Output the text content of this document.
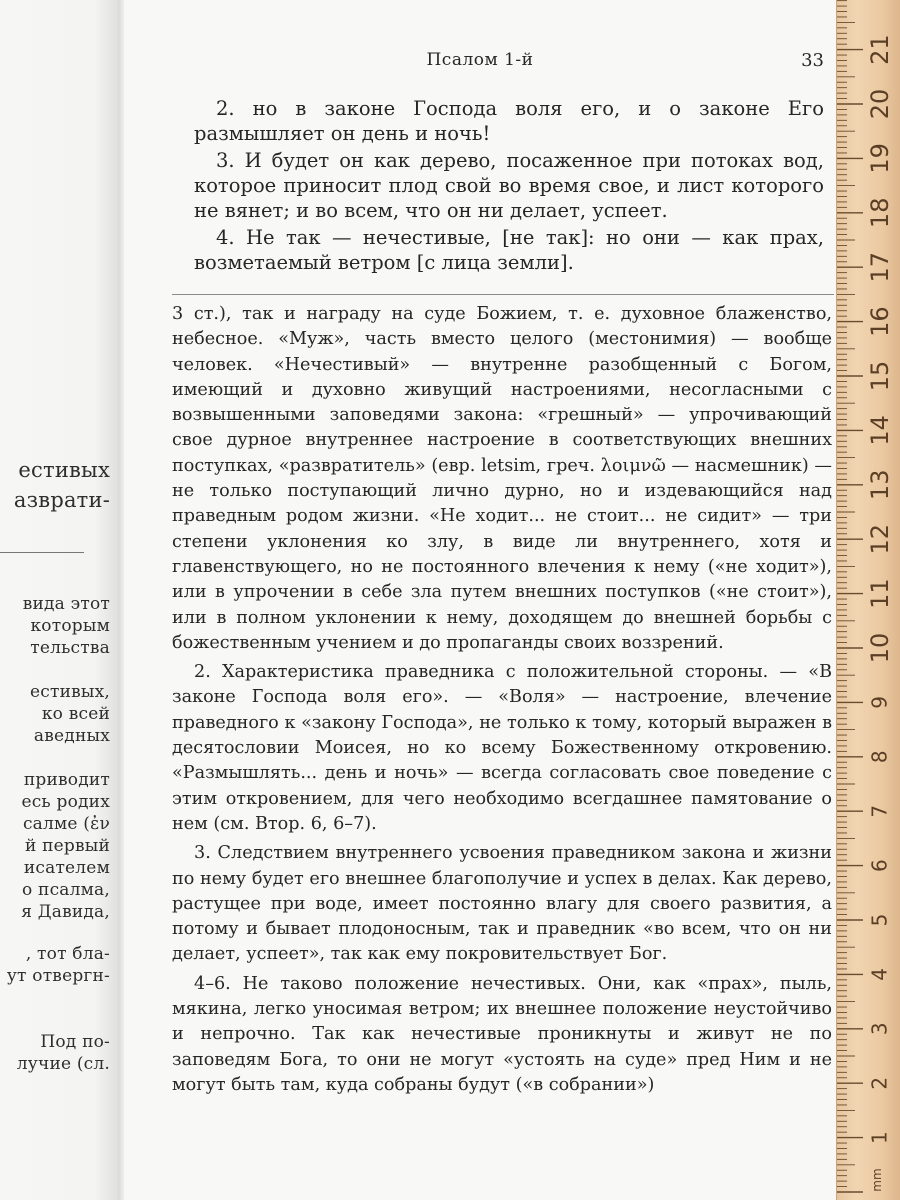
естивых
азврати-
вида этот
которым
тельства
естивых,
ко всей
аведных
приводит
есь родих
салме (ἐν
й первый
исателем
о псалма,
я Давида,
, тот бла-
ут отвергн-
Под по-
лучие (сл.
Псалом 1-й	33

2. но в законе Господа воля его, и о законе Его размышляет он день и ночь!

3. И будет он как дерево, посаженное при потоках вод, которое приносит плод свой во время свое, и лист которого не вянет; и во всем, что он ни делает, успеет.

4. Не так — нечестивые, [не так]: но они — как прах, возметаемый ветром [с лица земли].

3 ст.), так и награду на суде Божием, т. е. духовное блаженство, небесное. «Муж», часть вместо целого (местонимия) — вообще человек. «Нечестивый» — внутренне разобщенный с Богом, имеющий и духовно живущий настроениями, несогласными с возвышенными заповедями закона: «грешный» — упрочивающий свое дурное внутреннее настроение в соответствующих внешних поступках, «развратитель» (евр. letsim, греч. λοιμνῶ — насмешник) — не только поступающий лично дурно, но и издевающийся над праведным родом жизни. «Не ходит... не стоит... не сидит» — три степени уклонения ко злу, в виде ли внутреннего, хотя и главенствующего, но не постоянного влечения к нему («не ходит»), или в упрочении в себе зла путем внешних поступков («не стоит»), или в полном уклонении к нему, доходящем до внешней борьбы с божественным учением и до пропаганды своих воззрений.

2. Характеристика праведника с положительной стороны. — «В законе Господа воля его». — «Воля» — настроение, влечение праведного к «закону Господа», не только к тому, который выражен в десятословии Моисея, но ко всему Божественному откровению. «Размышлять... день и ночь» — всегда согласовать свое поведение с этим откровением, для чего необходимо всегдашнее памятование о нем (см. Втор. 6, 6–7).

3. Следствием внутреннего усвоения праведником закона и жизни по нему будет его внешнее благополучие и успех в делах. Как дерево, растущее при воде, имеет постоянно влагу для своего развития, а потому и бывает плодоносным, так и праведник «во всем, что он ни делает, успеет», так как ему покровительствует Бог.

4–6. Не таково положение нечестивых. Они, как «прах», пыль, мякина, легко уносимая ветром; их внешнее положение неустойчиво и непрочно. Так как нечестивые проникнуты и живут не по заповедям Бога, то они не могут «устоять на суде» пред Ним и не могут быть там, куда собраны будут («в собрании»)

1
2
3
4
5
6
7
8
9
10
11
12
13
14
15
16
17
18
19
20
21
mm
